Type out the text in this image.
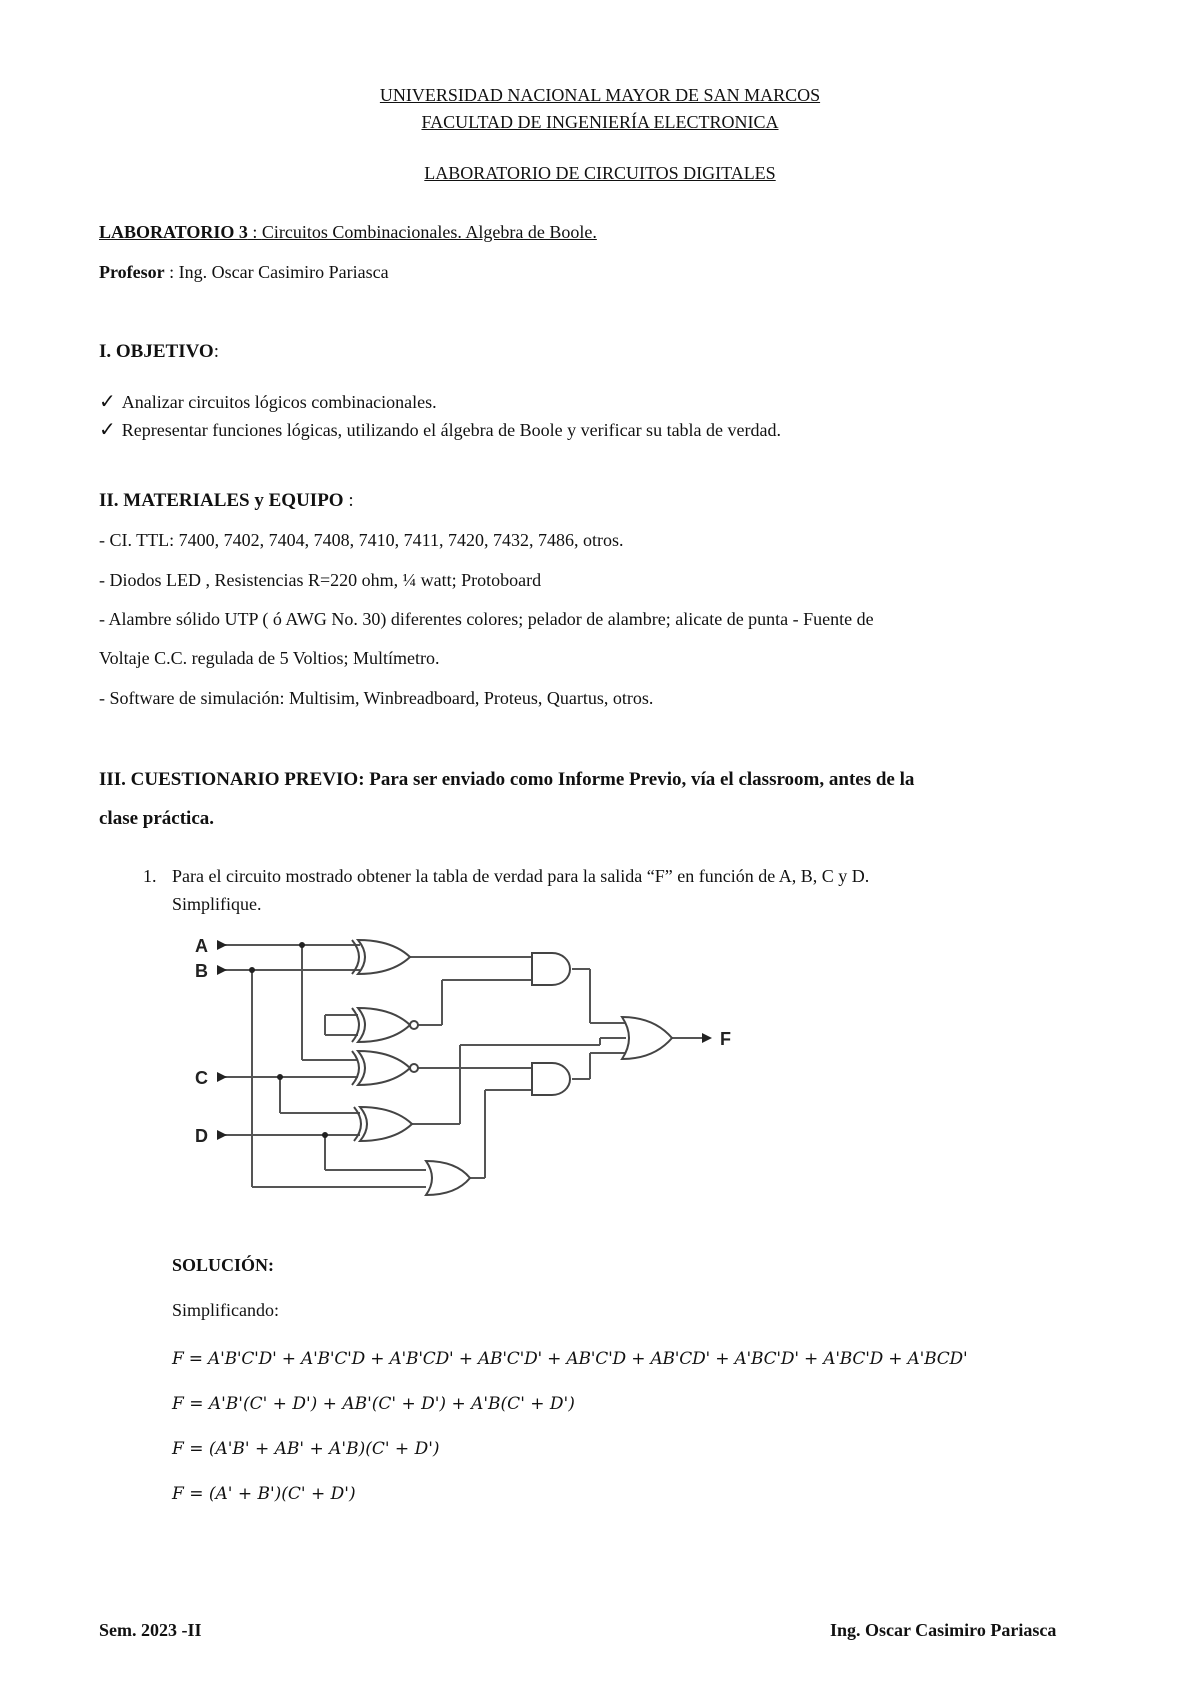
UNIVERSIDAD NACIONAL MAYOR DE SAN MARCOS
FACULTAD DE INGENIERÍA ELECTRONICA
LABORATORIO DE CIRCUITOS DIGITALES
LABORATORIO 3 : Circuitos Combinacionales. Algebra de Boole.
Profesor : Ing. Oscar Casimiro Pariasca
I. OBJETIVO:
✓ Analizar circuitos lógicos combinacionales.
✓ Representar funciones lógicas, utilizando el álgebra de Boole y verificar su tabla de verdad.
II. MATERIALES y EQUIPO :
- CI. TTL: 7400, 7402, 7404, 7408, 7410, 7411, 7420, 7432, 7486, otros.
- Diodos LED , Resistencias R=220 ohm, ¼ watt; Protoboard
- Alambre sólido UTP ( ó AWG No. 30) diferentes colores; pelador de alambre; alicate de punta - Fuente de
Voltaje C.C. regulada de 5 Voltios; Multímetro.
- Software de simulación: Multisim, Winbreadboard, Proteus, Quartus, otros.
III. CUESTIONARIO PREVIO: Para ser enviado como Informe Previo, vía el classroom, antes de la
clase práctica.
1. Para el circuito mostrado obtener la tabla de verdad para la salida “F” en función de A, B, C y D.
Simplifique.
A
B
C
D
F
SOLUCIÓN:
Simplificando:
F = A'B'C'D' + A'B'C'D + A'B'CD' + AB'C'D' + AB'C'D + AB'CD' + A'BC'D' + A'BC'D + A'BCD'
F = A'B'(C' + D') + AB'(C' + D') + A'B(C' + D')
F = (A'B' + AB' + A'B)(C' + D')
F = (A' + B')(C' + D')
Sem. 2023 -II	Ing. Oscar Casimiro Pariasca
